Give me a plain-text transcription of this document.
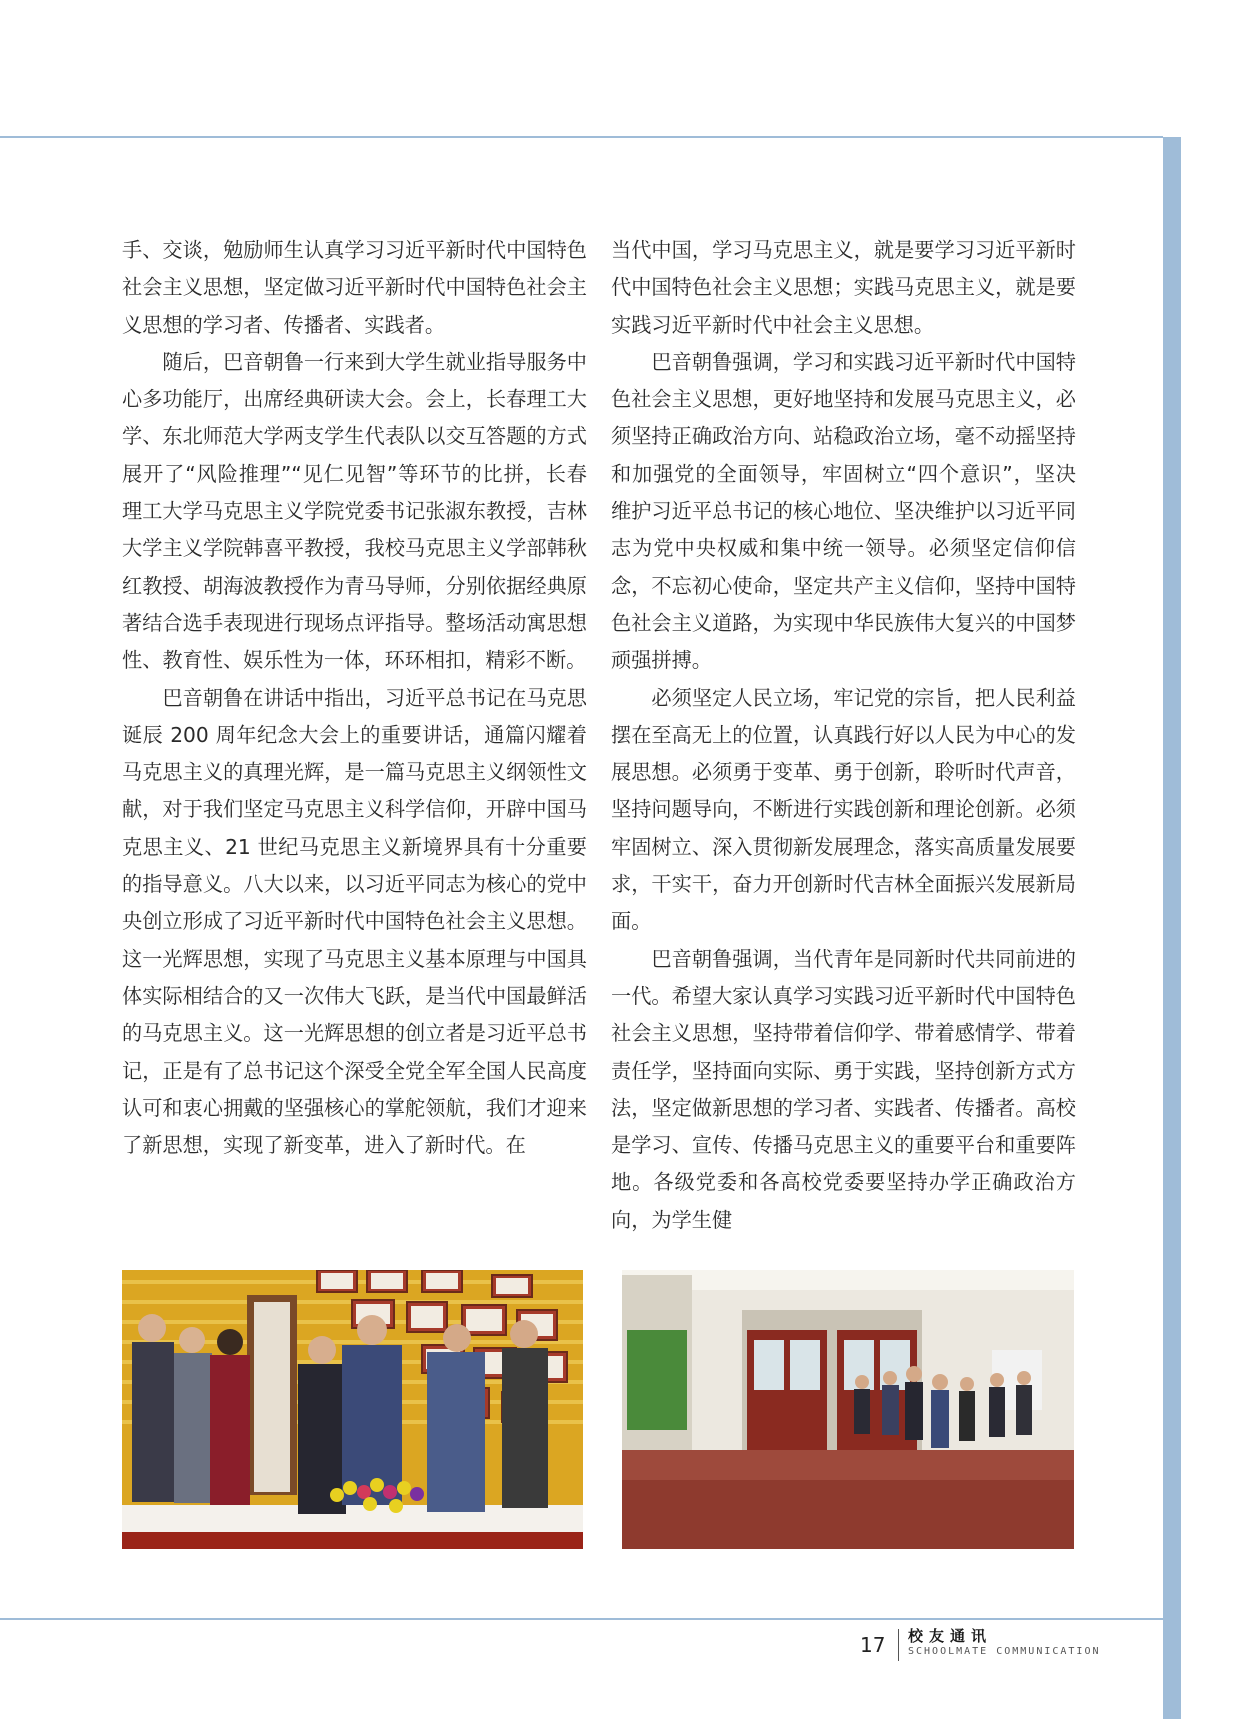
手、交谈，勉励师生认真学习习近平新时代中国特色社会主义思想，坚定做习近平新时代中国特色社会主义思想的学习者、传播者、实践者。

随后，巴音朝鲁一行来到大学生就业指导服务中心多功能厅，出席经典研读大会。会上，长春理工大学、东北师范大学两支学生代表队以交互答题的方式展开了“风险推理”“见仁见智”等环节的比拼，长春理工大学马克思主义学院党委书记张淑东教授，吉林大学主义学院韩喜平教授，我校马克思主义学部韩秋红教授、胡海波教授作为青马导师，分别依据经典原著结合选手表现进行现场点评指导。整场活动寓思想性、教育性、娱乐性为一体，环环相扣，精彩不断。

巴音朝鲁在讲话中指出，习近平总书记在马克思诞辰 200 周年纪念大会上的重要讲话，通篇闪耀着马克思主义的真理光辉，是一篇马克思主义纲领性文献，对于我们坚定马克思主义科学信仰，开辟中国马克思主义、21 世纪马克思主义新境界具有十分重要的指导意义。八大以来，以习近平同志为核心的党中央创立形成了习近平新时代中国特色社会主义思想。这一光辉思想，实现了马克思主义基本原理与中国具体实际相结合的又一次伟大飞跃，是当代中国最鲜活的马克思主义。这一光辉思想的创立者是习近平总书记，正是有了总书记这个深受全党全军全国人民高度认可和衷心拥戴的坚强核心的掌舵领航，我们才迎来了新思想，实现了新变革，进入了新时代。在

当代中国，学习马克思主义，就是要学习习近平新时代中国特色社会主义思想；实践马克思主义，就是要实践习近平新时代中社会主义思想。

巴音朝鲁强调，学习和实践习近平新时代中国特色社会主义思想，更好地坚持和发展马克思主义，必须坚持正确政治方向、站稳政治立场，毫不动摇坚持和加强党的全面领导，牢固树立“四个意识”，坚决维护习近平总书记的核心地位、坚决维护以习近平同志为党中央权威和集中统一领导。必须坚定信仰信念，不忘初心使命，坚定共产主义信仰，坚持中国特色社会主义道路，为实现中华民族伟大复兴的中国梦顽强拼搏。

必须坚定人民立场，牢记党的宗旨，把人民利益摆在至高无上的位置，认真践行好以人民为中心的发展思想。必须勇于变革、勇于创新，聆听时代声音，坚持问题导向，不断进行实践创新和理论创新。必须牢固树立、深入贯彻新发展理念，落实高质量发展要求，干实干，奋力开创新时代吉林全面振兴发展新局面。

巴音朝鲁强调，当代青年是同新时代共同前进的一代。希望大家认真学习实践习近平新时代中国特色社会主义思想，坚持带着信仰学、带着感情学、带着责任学，坚持面向实际、勇于实践，坚持创新方式方法，坚定做新思想的学习者、实践者、传播者。高校是学习、宣传、传播马克思主义的重要平台和重要阵地。各级党委和各高校党委要坚持办学正确政治方向，为学生健

17 校友通讯
SCHOOLMATE COMMUNICATION
